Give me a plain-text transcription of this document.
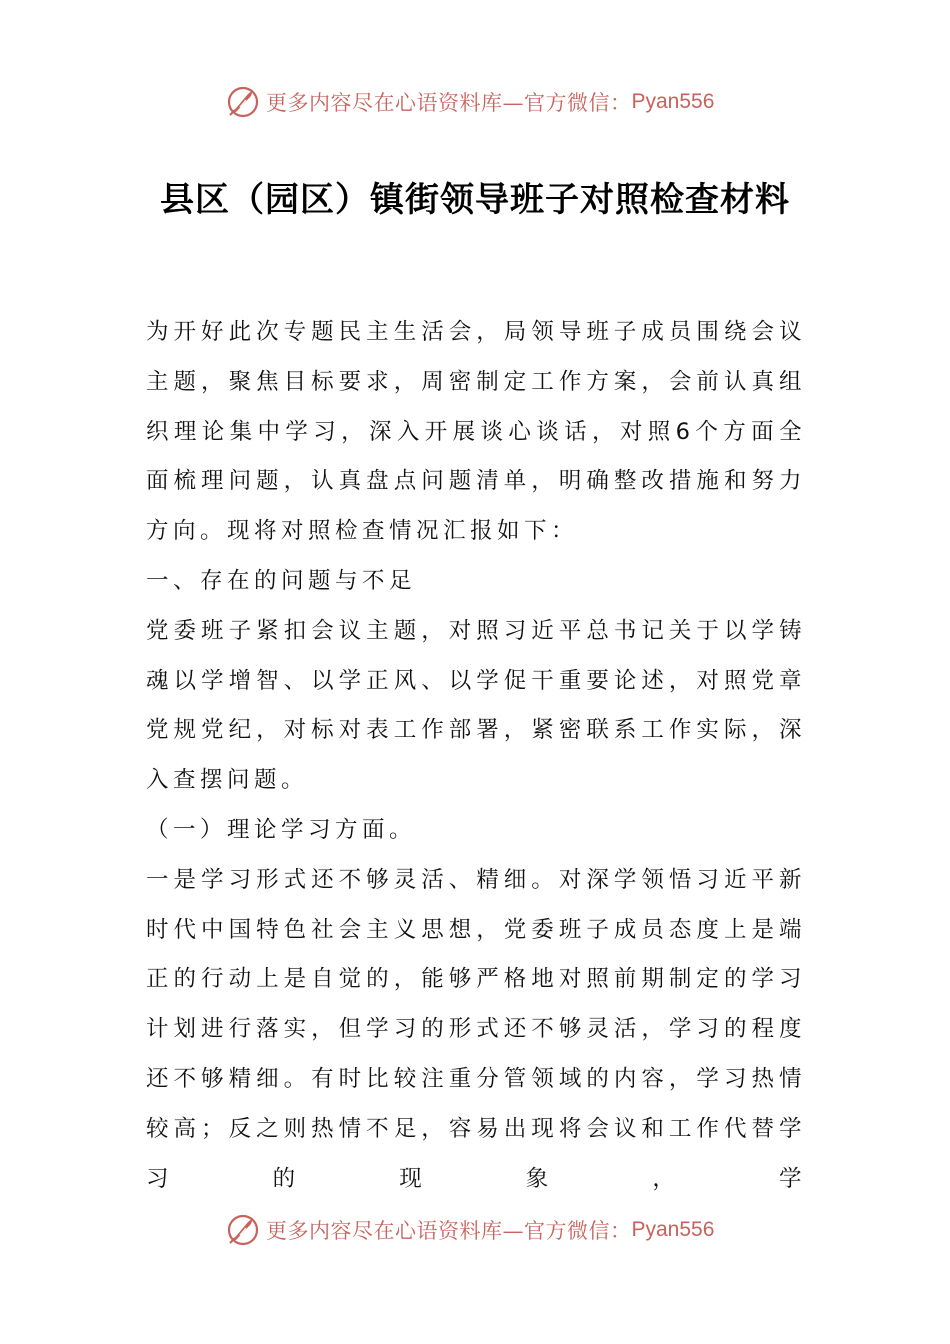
更多内容尽在心语资料库—官方微信： Pyan556
县区（园区）镇街领导班子对照检查材料

为开好此次专题民主生活会，局领导班子成员围绕会议主题，聚焦目标要求，周密制定工作方案，会前认真组织理论集中学习，深入开展谈心谈话，对照6个方面全面梳理问题，认真盘点问题清单，明确整改措施和努力方向。现将对照检查情况汇报如下：

一、存在的问题与不足

党委班子紧扣会议主题，对照习近平总书记关于以学铸魂以学增智、以学正风、以学促干重要论述，对照党章党规党纪，对标对表工作部署，紧密联系工作实际，深入查摆问题。

（一）理论学习方面。

一是学习形式还不够灵活、精细。对深学领悟习近平新时代中国特色社会主义思想，党委班子成员态度上是端正的行动上是自觉的，能够严格地对照前期制定的学习计划进行落实，但学习的形式还不够灵活，学习的程度还不够精细。有时比较注重分管领域的内容，学习热情较高；反之则热情不足，容易出现将会议和工作代替学习的现象，学

更多内容尽在心语资料库—官方微信： Pyan556
